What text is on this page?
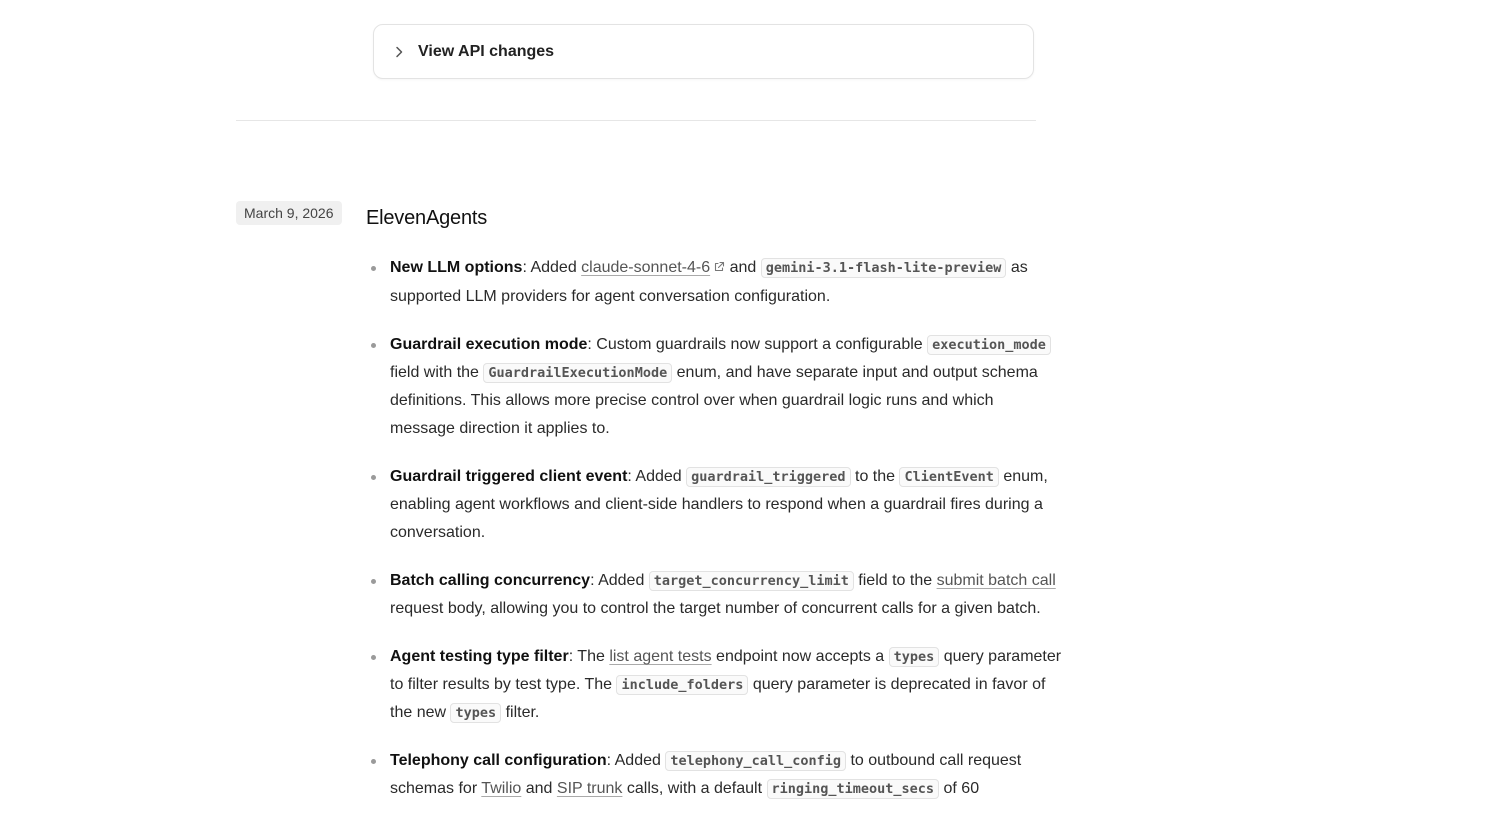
View API changes
March 9, 2026	ElevenAgents
New LLM options: Added claude-sonnet-4-6 and gemini-3.1-flash-lite-preview as supported LLM providers for agent conversation configuration.
Guardrail execution mode: Custom guardrails now support a configurable execution_mode field with the GuardrailExecutionMode enum, and have separate input and output schema definitions. This allows more precise control over when guardrail logic runs and which message direction it applies to.
Guardrail triggered client event: Added guardrail_triggered to the ClientEvent enum, enabling agent workflows and client-side handlers to respond when a guardrail fires during a conversation.
Batch calling concurrency: Added target_concurrency_limit field to the submit batch call request body, allowing you to control the target number of concurrent calls for a given batch.
Agent testing type filter: The list agent tests endpoint now accepts a types query parameter to filter results by test type. The include_folders query parameter is deprecated in favor of the new types filter.
Telephony call configuration: Added telephony_call_config to outbound call request schemas for Twilio and SIP trunk calls, with a default ringing_timeout_secs of 60
